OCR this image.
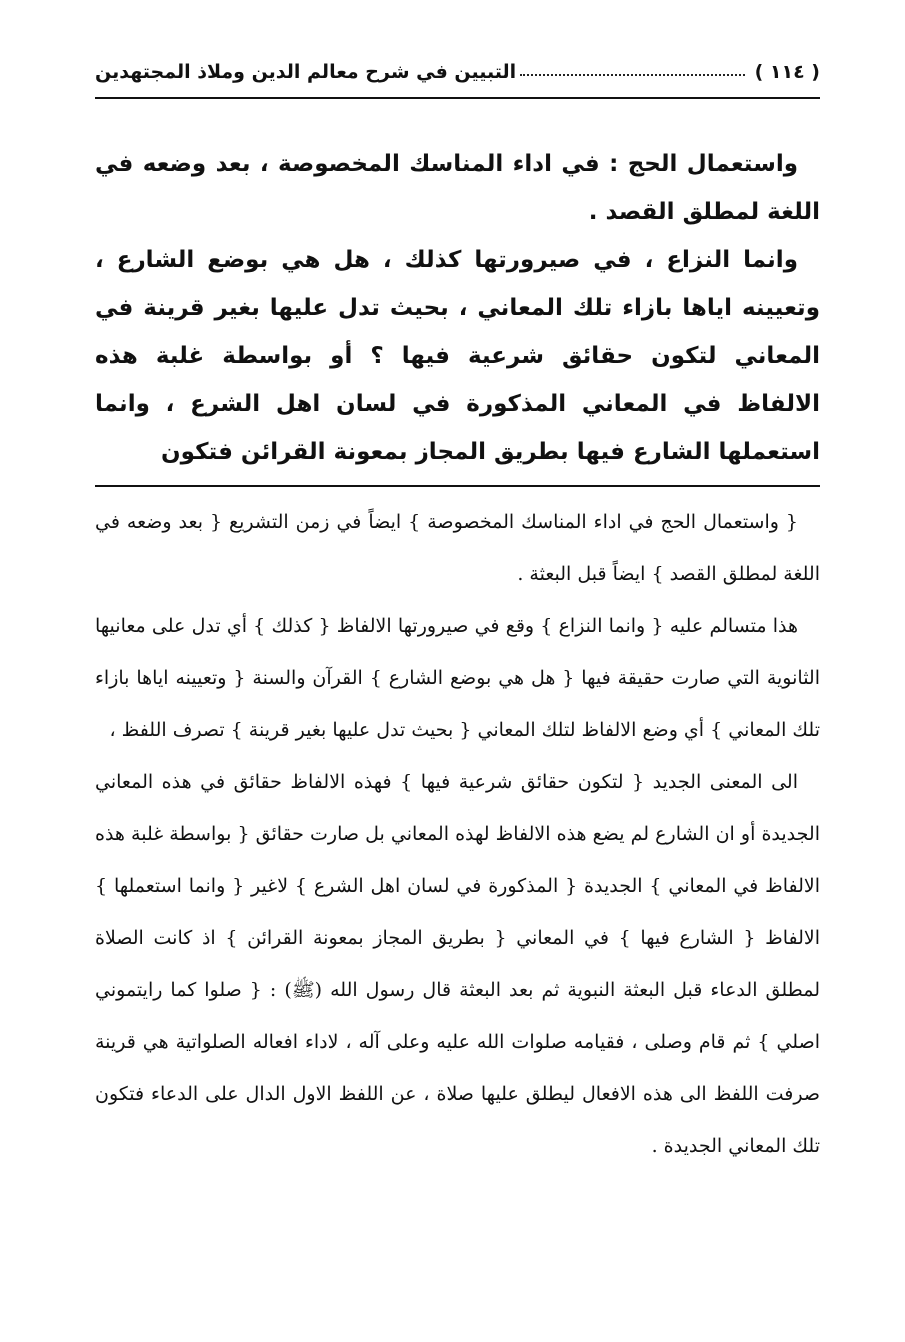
( ١١٤ )
التبيين في شرح معالم الدين وملاذ المجتهدين

واستعمال الحج : في اداء المناسك المخصوصة ، بعد وضعه في اللغة لمطلق القصد .

وانما النزاع ، في صيرورتها كذلك ، هل هي بوضع الشارع ، وتعيينه اياها بازاء تلك المعاني ، بحيث تدل عليها بغير قرينة في المعاني لتكون حقائق شرعية فيها ؟ أو بواسطة غلبة هذه الالفاظ في المعاني المذكورة في لسان اهل الشرع ، وانما استعملها الشارع فيها بطريق المجاز بمعونة القرائن فتكون

{ واستعمال الحج في اداء المناسك المخصوصة } ايضاً في زمن التشريع { بعد وضعه في اللغة لمطلق القصد } ايضاً قبل البعثة .

هذا متسالم عليه { وانما النزاع } وقع في صيرورتها الالفاظ { كذلك } أي تدل على معانيها الثانوية التي صارت حقيقة فيها { هل هي بوضع الشارع } القرآن والسنة { وتعيينه اياها بازاء تلك المعاني } أي وضع الالفاظ لتلك المعاني { بحيث تدل عليها بغير قرينة } تصرف اللفظ ،

الى المعنى الجديد { لتكون حقائق شرعية فيها } فهذه الالفاظ حقائق في هذه المعاني الجديدة أو ان الشارع لم يضع هذه الالفاظ لهذه المعاني بل صارت حقائق { بواسطة غلبة هذه الالفاظ في المعاني } الجديدة { المذكورة في لسان اهل الشرع } لاغير { وانما استعملها } الالفاظ { الشارع فيها } في المعاني { بطريق المجاز بمعونة القرائن } اذ كانت الصلاة لمطلق الدعاء قبل البعثة النبوية ثم بعد البعثة قال رسول الله (ﷺ) : { صلوا كما رايتموني اصلي } ثم قام وصلى ، فقيامه صلوات الله عليه وعلى آله ، لاداء افعاله الصلواتية هي قرينة صرفت اللفظ الى هذه الافعال ليطلق عليها صلاة ، عن اللفظ الاول الدال على الدعاء فتكون تلك المعاني الجديدة .
